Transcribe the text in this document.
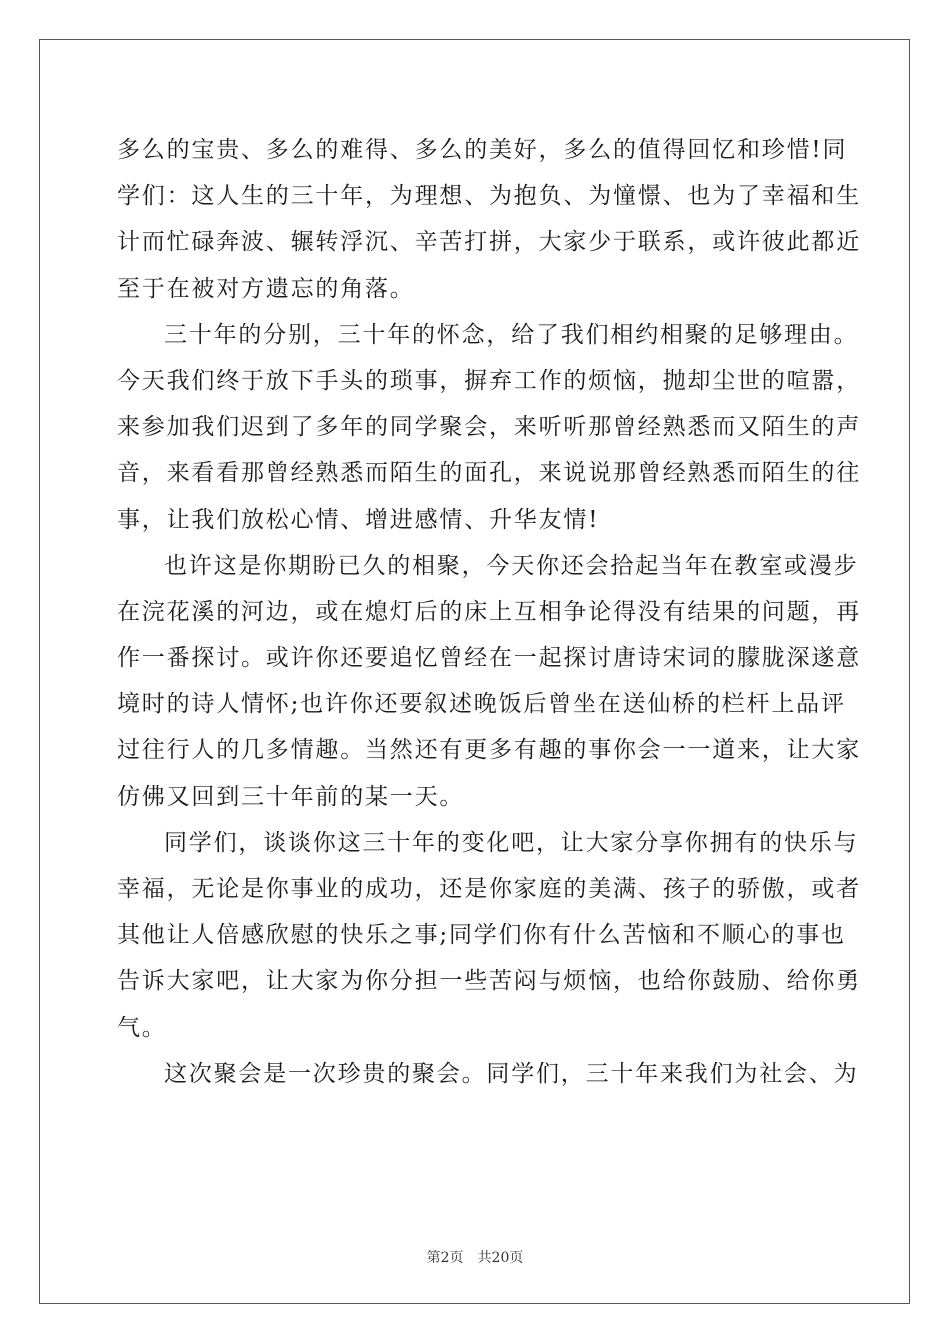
多么的宝贵、多么的难得、多么的美好，多么的值得回忆和珍惜!同
学们：这人生的三十年，为理想、为抱负、为憧憬、也为了幸福和生
计而忙碌奔波、辗转浮沉、辛苦打拼，大家少于联系，或许彼此都近
至于在被对方遗忘的角落。
三十年的分别，三十年的怀念，给了我们相约相聚的足够理由。
今天我们终于放下手头的琐事，摒弃工作的烦恼，抛却尘世的喧嚣，
来参加我们迟到了多年的同学聚会，来听听那曾经熟悉而又陌生的声
音，来看看那曾经熟悉而陌生的面孔，来说说那曾经熟悉而陌生的往
事，让我们放松心情、增进感情、升华友情!
也许这是你期盼已久的相聚，今天你还会拾起当年在教室或漫步
在浣花溪的河边，或在熄灯后的床上互相争论得没有结果的问题，再
作一番探讨。或许你还要追忆曾经在一起探讨唐诗宋词的朦胧深遂意
境时的诗人情怀;也许你还要叙述晚饭后曾坐在送仙桥的栏杆上品评
过往行人的几多情趣。当然还有更多有趣的事你会一一道来，让大家
仿佛又回到三十年前的某一天。
同学们，谈谈你这三十年的变化吧，让大家分享你拥有的快乐与
幸福，无论是你事业的成功，还是你家庭的美满、孩子的骄傲，或者
其他让人倍感欣慰的快乐之事;同学们你有什么苦恼和不顺心的事也
告诉大家吧，让大家为你分担一些苦闷与烦恼，也给你鼓励、给你勇
气。
这次聚会是一次珍贵的聚会。同学们，三十年来我们为社会、为
第2页 共20页
